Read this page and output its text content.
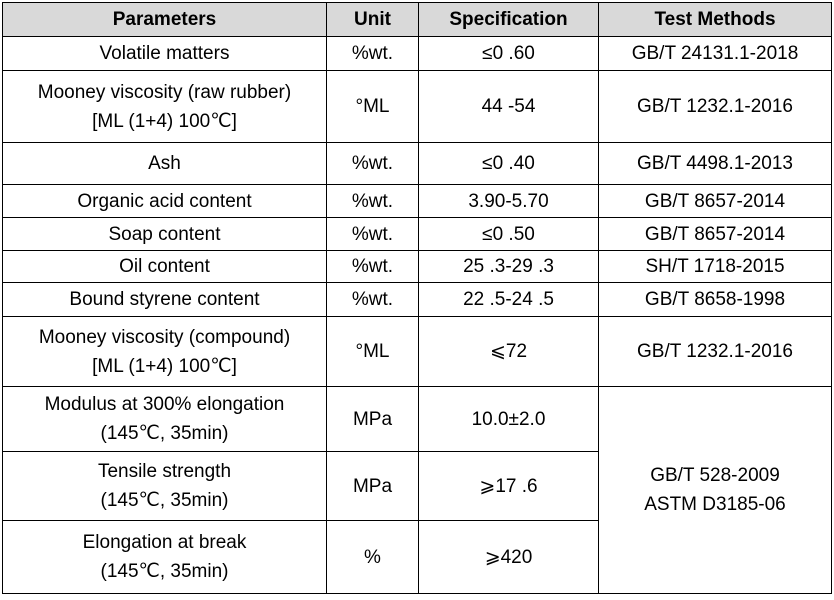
Parameters	Unit	Specification	Test Methods

Volatile matters	%wt.	≤0 .60	GB/T 24131.1-2018

Mooney viscosity (raw rubber)
[ML (1+4) 100℃]	°ML	44 -54	GB/T 1232.1-2016

Ash	%wt.	≤0 .40	GB/T 4498.1-2013

Organic acid content	%wt.	3.90-5.70	GB/T 8657-2014

Soap content	%wt.	≤0 .50	GB/T 8657-2014

Oil content	%wt.	25 .3-29 .3	SH/T 1718-2015

Bound styrene content	%wt.	22 .5-24 .5	GB/T 8658-1998

Mooney viscosity (compound)
[ML (1+4) 100℃]	°ML	⩽72	GB/T 1232.1-2016

Modulus at 300% elongation
(145℃, 35min)	MPa	10.0±2.0	GB/T 528-2009
ASTM D3185-06

Tensile strength
(145℃, 35min)	MPa	⩾17 .6	

Elongation at break
(145℃, 35min)	%	⩾420	
